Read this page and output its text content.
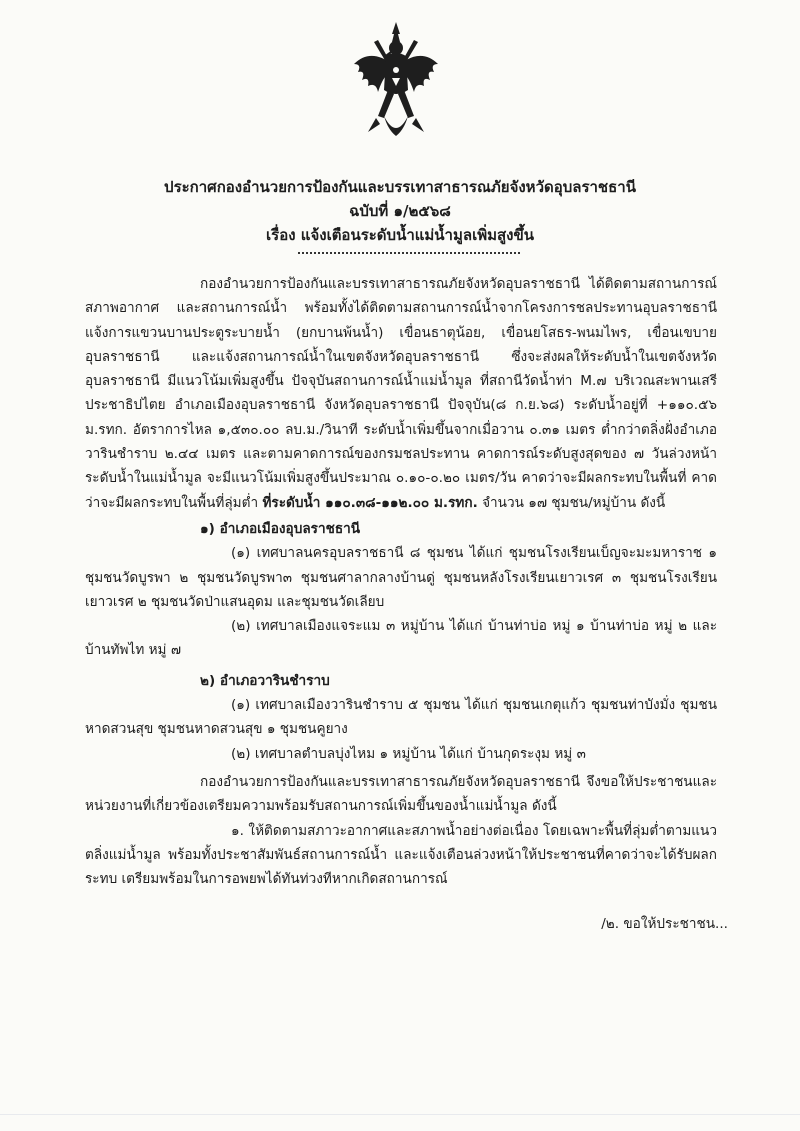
ประกาศกองอำนวยการป้องกันและบรรเทาสาธารณภัยจังหวัดอุบลราชธานี
ฉบับที่ ๑/๒๕๖๘
เรื่อง แจ้งเตือนระดับน้ำแม่น้ำมูลเพิ่มสูงขึ้น

กองอำนวยการป้องกันและบรรเทาสาธารณภัยจังหวัดอุบลราชธานี ได้ติดตามสถานการณ์สภาพอากาศ และสถานการณ์น้ำ พร้อมทั้งได้ติดตามสถานการณ์น้ำจากโครงการชลประทานอุบลราชธานี แจ้งการแขวนบานประตูระบายน้ำ (ยกบานพ้นน้ำ) เขื่อนธาตุน้อย, เขื่อนยโสธร-พนมไพร, เขื่อนเขบายอุบลราชธานี และแจ้งสถานการณ์น้ำในเขตจังหวัดอุบลราชธานี ซึ่งจะส่งผลให้ระดับน้ำในเขตจังหวัดอุบลราชธานี มีแนวโน้มเพิ่มสูงขึ้น ปัจจุบันสถานการณ์น้ำแม่น้ำมูล ที่สถานีวัดน้ำท่า M.๗ บริเวณสะพานเสรีประชาธิปไตย อำเภอเมืองอุบลราชธานี จังหวัดอุบลราชธานี ปัจจุบัน(๘ ก.ย.๖๘) ระดับน้ำอยู่ที่ +๑๑๐.๕๖ ม.รทก. อัตราการไหล ๑,๕๓๐.๐๐ ลบ.ม./วินาที ระดับน้ำเพิ่มขึ้นจากเมื่อวาน ๐.๓๑ เมตร ต่ำกว่าตลิ่งฝั่งอำเภอวารินชำราบ ๒.๔๔ เมตร และตามคาดการณ์ของกรมชลประทาน คาดการณ์ระดับสูงสุดของ ๗ วันล่วงหน้า ระดับน้ำในแม่น้ำมูล จะมีแนวโน้มเพิ่มสูงขึ้นประมาณ ๐.๑๐-๐.๒๐ เมตร/วัน คาดว่าจะมีผลกระทบในพื้นที่ คาดว่าจะมีผลกระทบในพื้นที่ลุ่มต่ำ ที่ระดับน้ำ ๑๑๐.๓๘-๑๑๒.๐๐ ม.รทก. จำนวน ๑๗ ชุมชน/หมู่บ้าน ดังนี้

๑) อำเภอเมืองอุบลราชธานี

(๑) เทศบาลนครอุบลราชธานี ๘ ชุมชน ได้แก่ ชุมชนโรงเรียนเบ็ญจะมะมหาราช ๑ ชุมชนวัดบูรพา ๒ ชุมชนวัดบูรพา๓ ชุมชนศาลากลางบ้านดู่ ชุมชนหลังโรงเรียนเยาวเรศ ๓ ชุมชนโรงเรียนเยาวเรศ ๒ ชุมชนวัดป่าแสนอุดม และชุมชนวัดเลียบ

(๒) เทศบาลเมืองแจระแม ๓ หมู่บ้าน ได้แก่ บ้านท่าบ่อ หมู่ ๑ บ้านท่าบ่อ หมู่ ๒ และบ้านทัพไท หมู่ ๗

๒) อำเภอวารินชำราบ

(๑) เทศบาลเมืองวารินชำราบ ๕ ชุมชน ได้แก่ ชุมชนเกตุแก้ว ชุมชนท่าบังมั่ง ชุมชนหาดสวนสุข ชุมชนหาดสวนสุข ๑ ชุมชนคูยาง

(๒) เทศบาลตำบลบุ่งไหม ๑ หมู่บ้าน ได้แก่ บ้านกุดระงุม หมู่ ๓

กองอำนวยการป้องกันและบรรเทาสาธารณภัยจังหวัดอุบลราชธานี จึงขอให้ประชาชนและหน่วยงานที่เกี่ยวข้องเตรียมความพร้อมรับสถานการณ์เพิ่มขึ้นของน้ำแม่น้ำมูล ดังนี้

๑. ให้ติดตามสภาวะอากาศและสภาพน้ำอย่างต่อเนื่อง โดยเฉพาะพื้นที่ลุ่มต่ำตามแนวตลิ่งแม่น้ำมูล พร้อมทั้งประชาสัมพันธ์สถานการณ์น้ำ และแจ้งเตือนล่วงหน้าให้ประชาชนที่คาดว่าจะได้รับผลกระทบ เตรียมพร้อมในการอพยพได้ทันท่วงทีหากเกิดสถานการณ์

/๒. ขอให้ประชาชน...
